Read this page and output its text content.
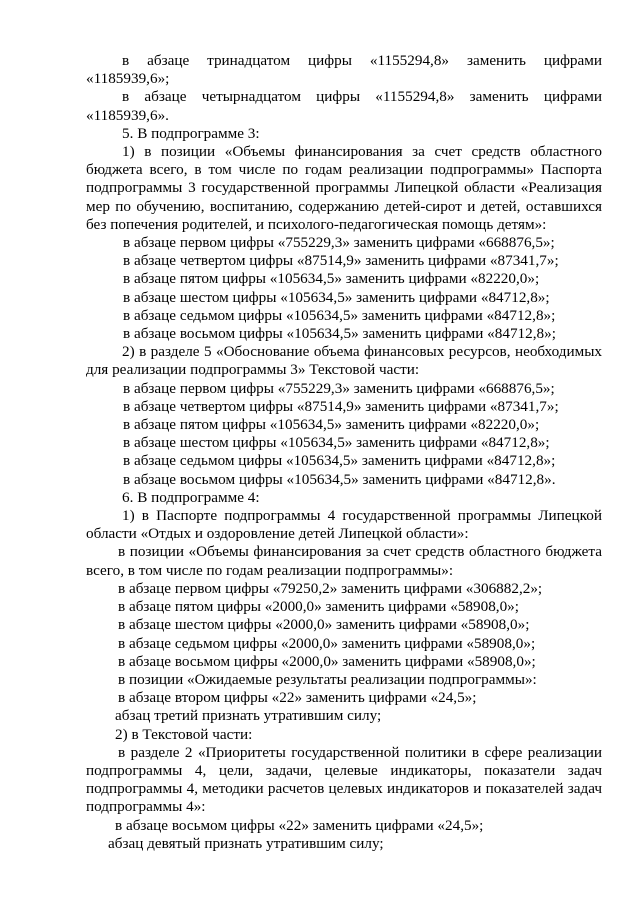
в абзаце тринадцатом цифры «1155294,8» заменить цифрами «1185939,6»;

в абзаце четырнадцатом цифры «1155294,8» заменить цифрами «1185939,6».

5. В подпрограмме 3:

1) в позиции «Объемы финансирования за счет средств областного бюджета всего, в том числе по годам реализации подпрограммы» Паспорта подпрограммы 3 государственной программы Липецкой области «Реализация мер по обучению, воспитанию, содержанию детей-сирот и детей, оставшихся без попечения родителей, и психолого-педагогическая помощь детям»:

в абзаце первом цифры «755229,3» заменить цифрами «668876,5»;

в абзаце четвертом цифры «87514,9» заменить цифрами «87341,7»;

в абзаце пятом цифры «105634,5» заменить цифрами «82220,0»;

в абзаце шестом цифры «105634,5» заменить цифрами «84712,8»;

в абзаце седьмом цифры «105634,5» заменить цифрами «84712,8»;

в абзаце восьмом цифры «105634,5» заменить цифрами «84712,8»;

2) в разделе 5 «Обоснование объема финансовых ресурсов, необходимых для реализации подпрограммы 3» Текстовой части:

в абзаце первом цифры «755229,3» заменить цифрами «668876,5»;

в абзаце четвертом цифры «87514,9» заменить цифрами «87341,7»;

в абзаце пятом цифры «105634,5» заменить цифрами «82220,0»;

в абзаце шестом цифры «105634,5» заменить цифрами «84712,8»;

в абзаце седьмом цифры «105634,5» заменить цифрами «84712,8»;

в абзаце восьмом цифры «105634,5» заменить цифрами «84712,8».

6. В подпрограмме 4:

1) в Паспорте подпрограммы 4 государственной программы Липецкой области «Отдых и оздоровление детей Липецкой области»:

в позиции «Объемы финансирования за счет средств областного бюджета всего, в том числе по годам реализации подпрограммы»:

в абзаце первом цифры «79250,2» заменить цифрами «306882,2»;

в абзаце пятом цифры «2000,0» заменить цифрами «58908,0»;

в абзаце шестом цифры «2000,0» заменить цифрами «58908,0»;

в абзаце седьмом цифры «2000,0» заменить цифрами «58908,0»;

в абзаце восьмом цифры «2000,0» заменить цифрами «58908,0»;

в позиции «Ожидаемые результаты реализации подпрограммы»:

в абзаце втором цифры «22» заменить цифрами «24,5»;

абзац третий признать утратившим силу;

2) в Текстовой части:

в разделе 2 «Приоритеты государственной политики в сфере реализации подпрограммы 4, цели, задачи, целевые индикаторы, показатели задач подпрограммы 4, методики расчетов целевых индикаторов и показателей задач подпрограммы 4»:

в абзаце восьмом цифры «22» заменить цифрами «24,5»;

абзац девятый признать утратившим силу;
